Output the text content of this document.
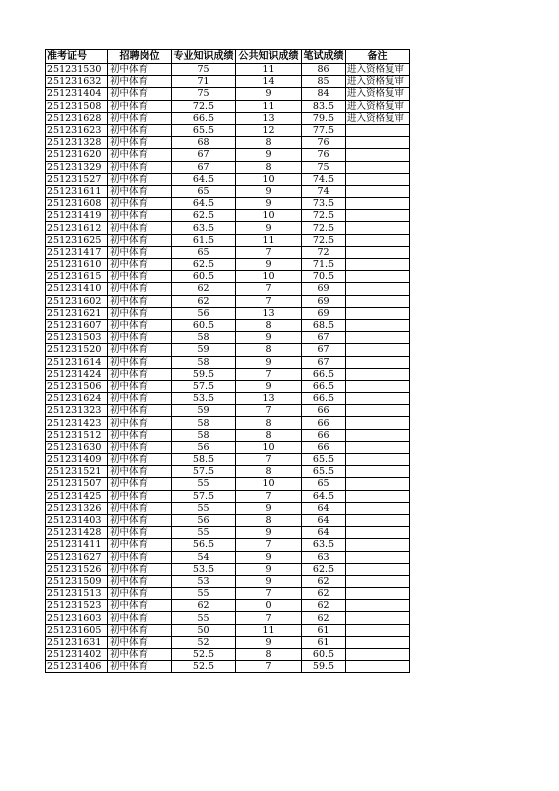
准考证号	招聘岗位	专业知识成绩	公共知识成绩	笔试成绩	备注
251231530	初中体育	75	11	86	进入资格复审
251231632	初中体育	71	14	85	进入资格复审
251231404	初中体育	75	9	84	进入资格复审
251231508	初中体育	72.5	11	83.5	进入资格复审
251231628	初中体育	66.5	13	79.5	进入资格复审
251231623	初中体育	65.5	12	77.5	
251231328	初中体育	68	8	76	
251231620	初中体育	67	9	76	
251231329	初中体育	67	8	75	
251231527	初中体育	64.5	10	74.5	
251231611	初中体育	65	9	74	
251231608	初中体育	64.5	9	73.5	
251231419	初中体育	62.5	10	72.5	
251231612	初中体育	63.5	9	72.5	
251231625	初中体育	61.5	11	72.5	
251231417	初中体育	65	7	72	
251231610	初中体育	62.5	9	71.5	
251231615	初中体育	60.5	10	70.5	
251231410	初中体育	62	7	69	
251231602	初中体育	62	7	69	
251231621	初中体育	56	13	69	
251231607	初中体育	60.5	8	68.5	
251231503	初中体育	58	9	67	
251231520	初中体育	59	8	67	
251231614	初中体育	58	9	67	
251231424	初中体育	59.5	7	66.5	
251231506	初中体育	57.5	9	66.5	
251231624	初中体育	53.5	13	66.5	
251231323	初中体育	59	7	66	
251231423	初中体育	58	8	66	
251231512	初中体育	58	8	66	
251231630	初中体育	56	10	66	
251231409	初中体育	58.5	7	65.5	
251231521	初中体育	57.5	8	65.5	
251231507	初中体育	55	10	65	
251231425	初中体育	57.5	7	64.5	
251231326	初中体育	55	9	64	
251231403	初中体育	56	8	64	
251231428	初中体育	55	9	64	
251231411	初中体育	56.5	7	63.5	
251231627	初中体育	54	9	63	
251231526	初中体育	53.5	9	62.5	
251231509	初中体育	53	9	62	
251231513	初中体育	55	7	62	
251231523	初中体育	62	0	62	
251231603	初中体育	55	7	62	
251231605	初中体育	50	11	61	
251231631	初中体育	52	9	61	
251231402	初中体育	52.5	8	60.5	
251231406	初中体育	52.5	7	59.5	
